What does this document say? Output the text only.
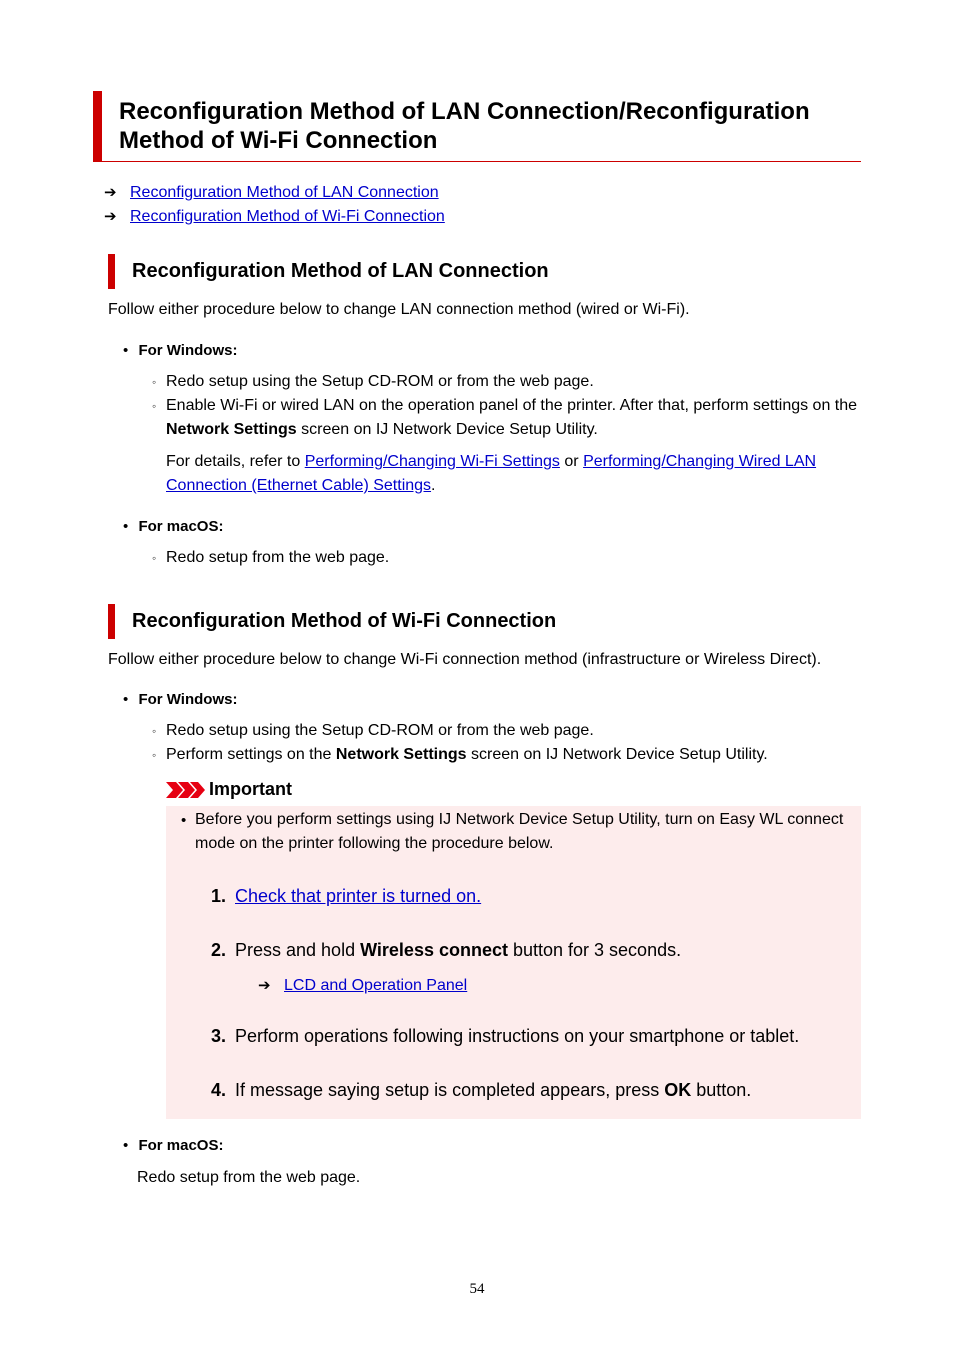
Reconfiguration Method of LAN Connection/Reconfiguration Method of Wi-Fi Connection
➔ Reconfiguration Method of LAN Connection
➔ Reconfiguration Method of Wi-Fi Connection
Reconfiguration Method of LAN Connection
Follow either procedure below to change LAN connection method (wired or Wi-Fi).
• For Windows:
◦ Redo setup using the Setup CD-ROM or from the web page.
◦ Enable Wi-Fi or wired LAN on the operation panel of the printer. After that, perform settings on the
Network Settings screen on IJ Network Device Setup Utility.
For details, refer to Performing/Changing Wi-Fi Settings or Performing/Changing Wired LAN
Connection (Ethernet Cable) Settings.
• For macOS:
◦ Redo setup from the web page.
Reconfiguration Method of Wi-Fi Connection
Follow either procedure below to change Wi-Fi connection method (infrastructure or Wireless Direct).
• For Windows:
◦ Redo setup using the Setup CD-ROM or from the web page.
◦ Perform settings on the Network Settings screen on IJ Network Device Setup Utility.
Important
• Before you perform settings using IJ Network Device Setup Utility, turn on Easy WL connect
mode on the printer following the procedure below.
1. Check that printer is turned on.
2. Press and hold Wireless connect button for 3 seconds.
➔ LCD and Operation Panel
3. Perform operations following instructions on your smartphone or tablet.
4. If message saying setup is completed appears, press OK button.
• For macOS:
Redo setup from the web page.
54
